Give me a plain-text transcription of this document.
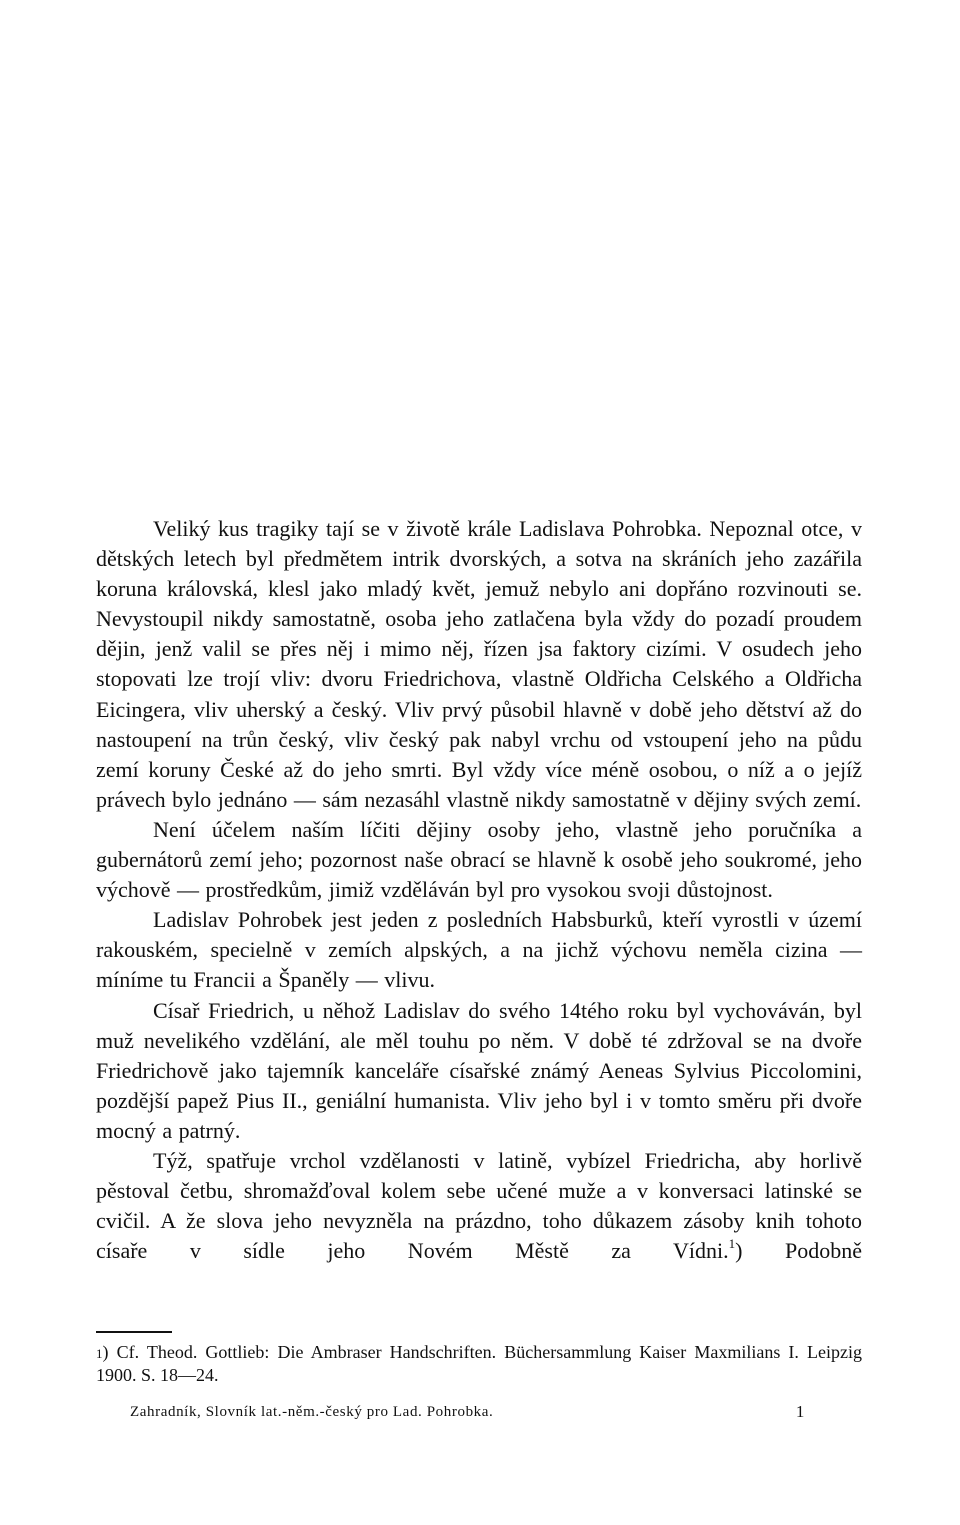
Veliký kus tragiky tají se v životě krále Ladislava Pohrobka. Nepoznal otce, v dětských letech byl předmětem intrik dvorských, a sotva na skráních jeho zazářila koruna královská, klesl jako mladý květ, jemuž nebylo ani dopřáno rozvinouti se. Nevystoupil nikdy samostatně, osoba jeho zatlačena byla vždy do pozadí proudem dějin, jenž valil se přes něj i mimo něj, řízen jsa faktory cizími. V osudech jeho stopovati lze trojí vliv: dvoru Friedrichova, vlastně Oldřicha Celského a Oldřicha Eicingera, vliv uherský a český. Vliv prvý působil hlavně v době jeho dětství až do nastoupení na trůn český, vliv český pak nabyl vrchu od vstoupení jeho na půdu zemí koruny České až do jeho smrti. Byl vždy více méně osobou, o níž a o jejíž právech bylo jednáno — sám nezasáhl vlastně nikdy samostatně v dějiny svých zemí.

Není účelem naším líčiti dějiny osoby jeho, vlastně jeho poručníka a gubernátorů zemí jeho; pozornost naše obrací se hlavně k osobě jeho soukromé, jeho výchově — prostředkům, jimiž vzděláván byl pro vysokou svoji důstojnost.

Ladislav Pohrobek jest jeden z posledních Habsburků, kteří vyrostli v území rakouském, specielně v zemích alpských, a na jichž výchovu neměla cizina — míníme tu Francii a Španěly — vlivu.

Císař Friedrich, u něhož Ladislav do svého 14tého roku byl vychováván, byl muž nevelikého vzdělání, ale měl touhu po něm. V době té zdržoval se na dvoře Friedrichově jako tajemník kanceláře císařské známý Aeneas Sylvius Piccolomini, pozdější papež Pius II., geniální humanista. Vliv jeho byl i v tomto směru při dvoře mocný a patrný.

Týž, spatřuje vrchol vzdělanosti v latině, vybízel Friedricha, aby horlivě pěstoval četbu, shromažďoval kolem sebe učené muže a v konversaci latinské se cvičil. A že slova jeho nevyzněla na prázdno, toho důkazem zásoby knih tohoto císaře v sídle jeho Novém Městě za Vídni.$^1$) Podobně

$^1$) Cf. Theod. Gottlieb: Die Ambraser Handschriften. Büchersammlung Kaiser Maxmilians I. Leipzig 1900. S. 18—24.

Zahradník, Slovník lat.-něm.-český pro Lad. Pohrobka.	1
